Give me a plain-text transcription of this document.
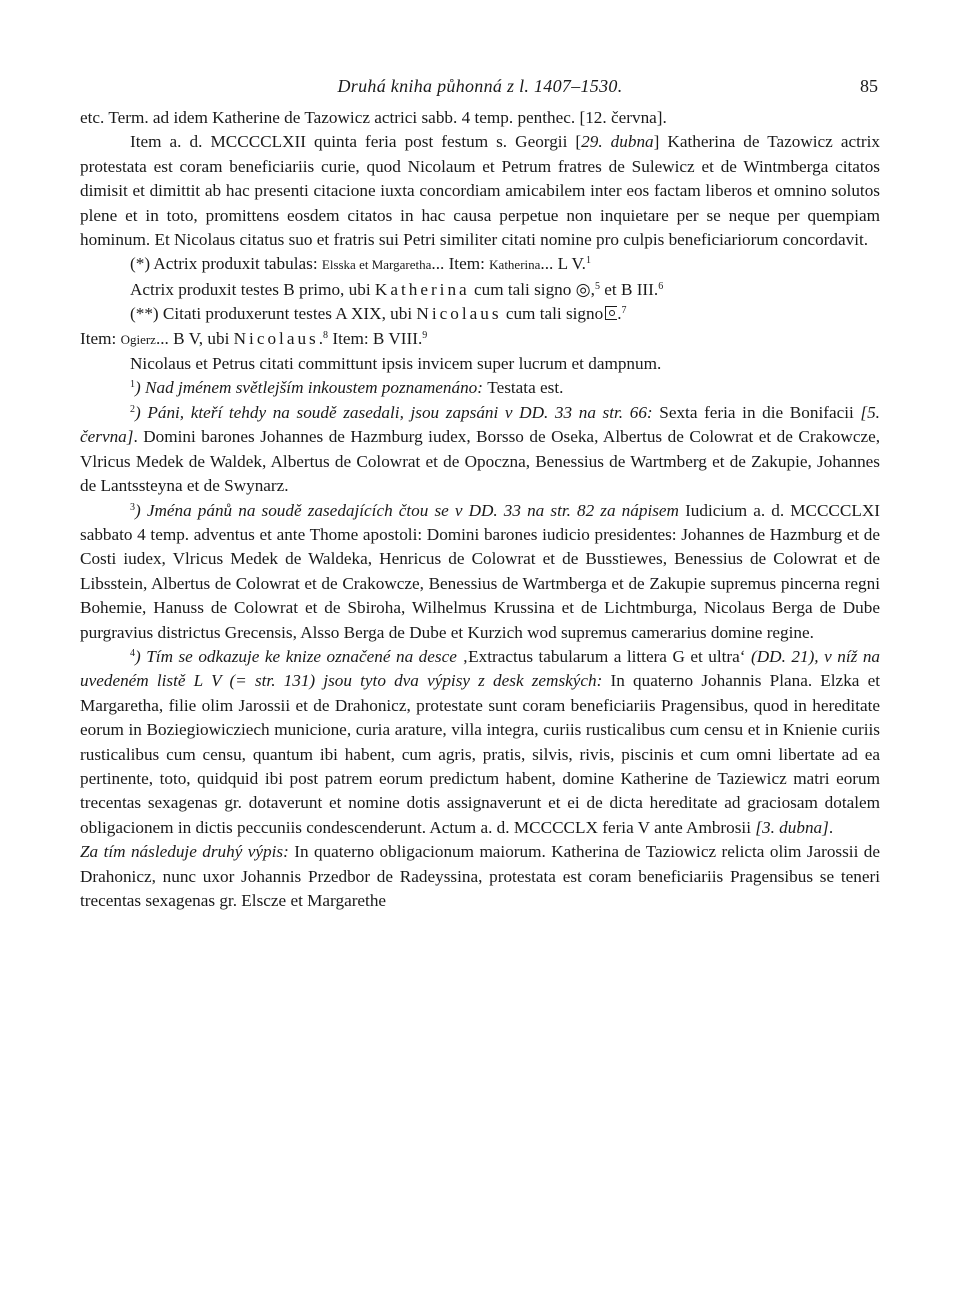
Druhá kniha půhonná z l. 1407–1530.	85

etc. Term. ad idem Katherine de Tazowicz actrici sabb. 4 temp. penthec. [12. června].

Item a. d. MCCCCLXII quinta feria post festum s. Georgii [29. dubna] Katherina de Tazowicz actrix protestata est coram beneficiariis curie, quod Nicolaum et Petrum fratres de Sulewicz et de Wintmberga citatos dimisit et dimittit ab hac presenti citacione iuxta concordiam amicabilem inter eos factam liberos et omnino solutos plene et in toto, promittens eosdem citatos in hac causa perpetue non inquietare per se neque per quempiam hominum. Et Nicolaus citatus suo et fratris sui Petri similiter citati nomine pro culpis beneficiariorum concordavit.

(*) Actrix produxit tabulas: Elsska et Margaretha... Item: Katherina... L V.$^1$

Actrix produxit testes B primo, ubi Katherina cum tali signo ◎,$^5$ et B III.$^6$

(**) Citati produxerunt testes A XIX, ubi Nicolaus cum tali signo .$^7$

Item: Ogierz... B V, ubi Nicolaus.$^8$ Item: B VIII.$^9$

Nicolaus et Petrus citati committunt ipsis invicem super lucrum et dampnum.

$^1$) Nad jménem světlejším inkoustem poznamenáno: Testata est.

$^2$) Páni, kteří tehdy na soudě zasedali, jsou zapsáni v DD. 33 na str. 66: Sexta feria in die Bonifacii [5. června]. Domini barones Johannes de Hazmburg iudex, Borsso de Oseka, Albertus de Colowrat et de Crakowcze, Vlricus Medek de Waldek, Albertus de Colowrat et de Opoczna, Benessius de Wartmberg et de Zakupie, Johannes de Lantssteyna et de Swynarz.

$^3$) Jména pánů na soudě zasedajících čtou se v DD. 33 na str. 82 za nápisem Iudicium a. d. MCCCCLXI sabbato 4 temp. adventus et ante Thome apostoli: Domini barones iudicio presidentes: Johannes de Hazmburg et de Costi iudex, Vlricus Medek de Waldeka, Henricus de Colowrat et de Busstiewes, Benessius de Colowrat et de Libsstein, Albertus de Colowrat et de Crakowcze, Benessius de Wartmberga et de Zakupie supremus pincerna regni Bohemie, Hanuss de Colowrat et de Sbiroha, Wilhelmus Krussina et de Lichtmburga, Nicolaus Berga de Dube purgravius districtus Grecensis, Alsso Berga de Dube et Kurzich wod supremus camerarius domine regine.

$^4$) Tím se odkazuje ke knize označené na desce ‚Extractus tabularum a littera G et ultra‘ (DD. 21), v níž na uvedeném listě L V (= str. 131) jsou tyto dva výpisy z desk zemských: In quaterno Johannis Plana. Elzka et Margaretha, filie olim Jarossii et de Drahonicz, protestate sunt coram beneficiariis Pragensibus, quod in hereditate eorum in Boziegiowicziech municione, curia arature, villa integra, curiis rusticalibus cum censu et in Knienie curiis rusticalibus cum censu, quantum ibi habent, cum agris, pratis, silvis, rivis, piscinis et cum omni libertate ad ea pertinente, toto, quidquid ibi post patrem eorum predictum habent, domine Katherine de Taziewicz matri eorum trecentas sexagenas gr. dotaverunt et nomine dotis assignaverunt et ei de dicta hereditate ad graciosam dotalem obligacionem in dictis peccuniis condescenderunt. Actum a. d. MCCCCLX feria V ante Ambrosii [3. dubna].
Za tím následuje druhý výpis: In quaterno obligacionum maiorum. Katherina de Taziowicz relicta olim Jarossii de Drahonicz, nunc uxor Johannis Przedbor de Radeyssina, protestata est coram beneficiariis Pragensibus se teneri trecentas sexagenas gr. Elscze et Margarethe
